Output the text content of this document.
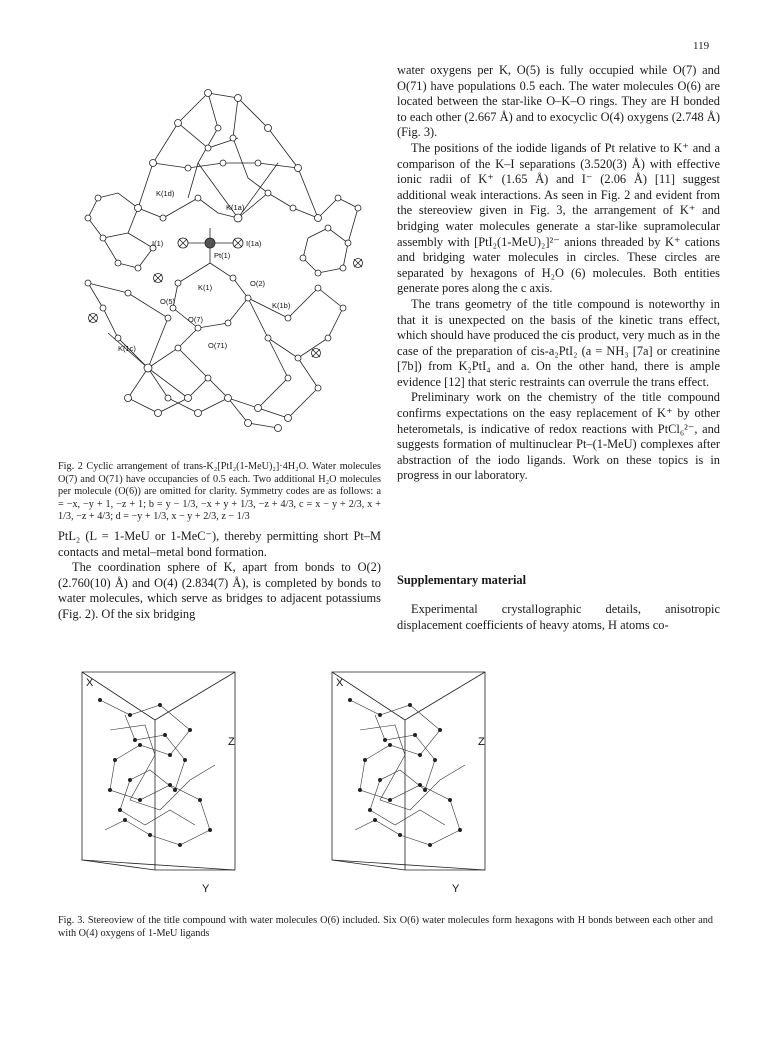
119
K(1d)
K(1a)
I(1)	I(1a)
Pt(1)
K(1)	O(2)
O(5)	K(1b)
O(7)
O(71)
K(1c)

Fig. 2 Cyclic arrangement of trans-K₂[PtI₂(1-MeU)₂]·4H₂O. Water molecules O(7) and O(71) have occupancies of 0.5 each. Two additional H₂O molecules per molecule (O(6)) are omitted for clarity. Symmetry codes are as follows: a = −x, −y + 1, −z + 1; b = y − 1/3, −x + y + 1/3, −z + 4/3, c = x − y + 2/3, x + 1/3, −z + 4/3; d = −y + 1/3, x − y + 2/3, z − 1/3

PtL₂ (L = 1-MeU or 1-MeC⁻), thereby permitting short Pt–M contacts and metal–metal bond formation.

The coordination sphere of K, apart from bonds to O(2) (2.760(10) Å) and O(4) (2.834(7) Å), is completed by bonds to water molecules, which serve as bridges to adjacent potassiums (Fig. 2). Of the six bridging

water oxygens per K, O(5) is fully occupied while O(7) and O(71) have populations 0.5 each. The water molecules O(6) are located between the star-like O–K–O rings. They are H bonded to each other (2.667 Å) and to exocyclic O(4) oxygens (2.748 Å) (Fig. 3).

The positions of the iodide ligands of Pt relative to K⁺ and a comparison of the K–I separations (3.520(3) Å) with effective ionic radii of K⁺ (1.65 Å) and I⁻ (2.06 Å) [11] suggest additional weak interactions. As seen in Fig. 2 and evident from the stereoview given in Fig. 3, the arrangement of K⁺ and bridging water molecules generate a star-like supramolecular assembly with [PtI₂(1-MeU)₂]²⁻ anions threaded by K⁺ cations and bridging water molecules in circles. These circles are separated by hexagons of H₂O (6) molecules. Both entities generate pores along the c axis.

The trans geometry of the title compound is noteworthy in that it is unexpected on the basis of the kinetic trans effect, which should have produced the cis product, very much as in the case of the preparation of cis-a₂PtI₂ (a = NH₃ [7a] or creatinine [7b]) from K₂PtI₄ and a. On the other hand, there is ample evidence [12] that steric restraints can overrule the trans effect.

Preliminary work on the chemistry of the title compound confirms expectations on the easy replacement of K⁺ by other heterometals, is indicative of redox reactions with PtCl₆²⁻, and suggests formation of multinuclear Pt–(1-MeU) complexes after abstraction of the iodo ligands. Work on these topics is in progress in our laboratory.

Supplementary material

Experimental crystallographic details, anisotropic displacement coefficients of heavy atoms, H atoms co-

X
Z
Y
X
Z
Y

Fig. 3. Stereoview of the title compound with water molecules O(6) included. Six O(6) water molecules form hexagons with H bonds between each other and with O(4) oxygens of 1-MeU ligands
